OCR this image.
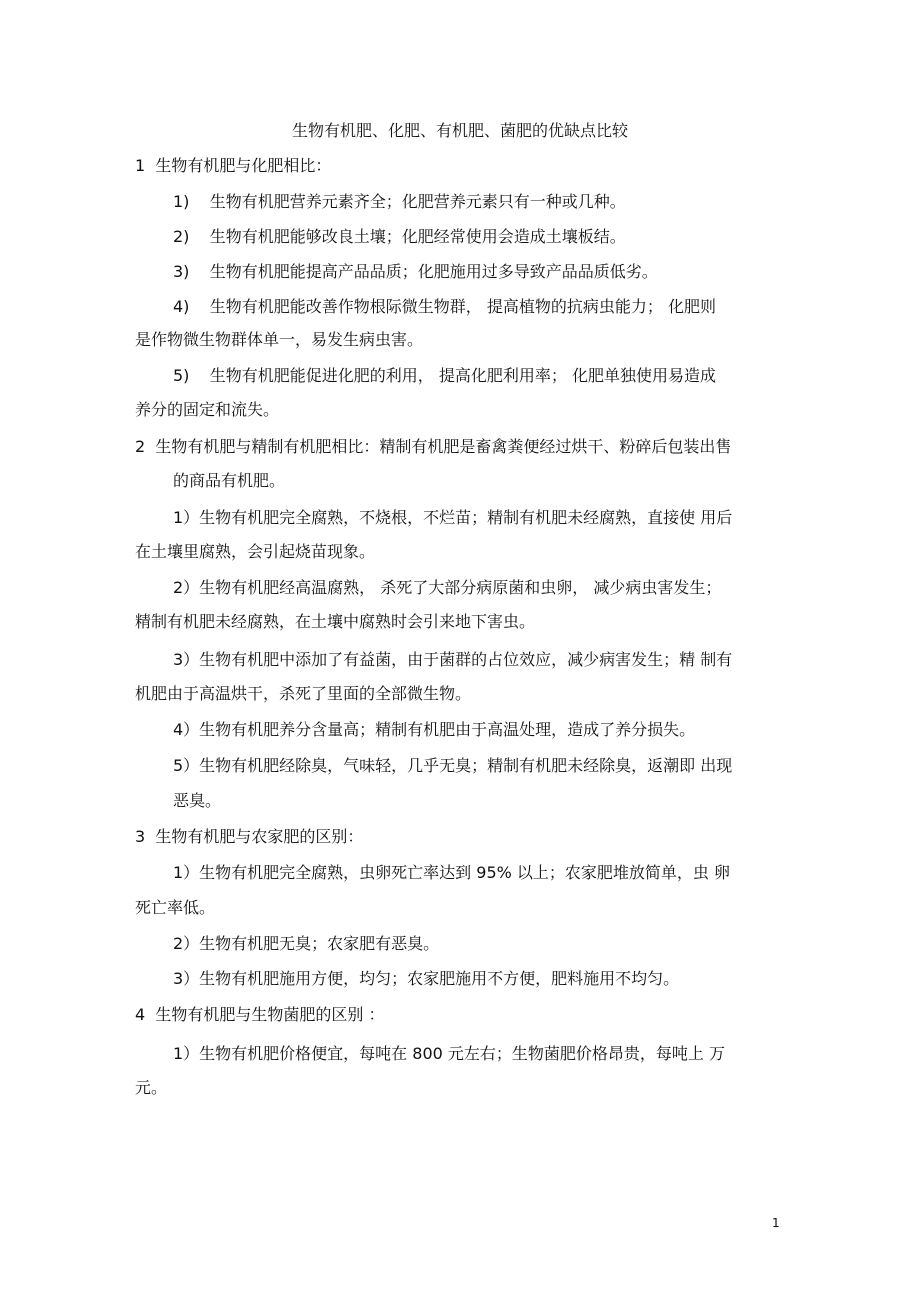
生物有机肥、化肥、有机肥、菌肥的优缺点比较
1 生物有机肥与化肥相比：
1) 生物有机肥营养元素齐全；化肥营养元素只有一种或几种。
2) 生物有机肥能够改良土壤；化肥经常使用会造成土壤板结。
3) 生物有机肥能提高产品品质；化肥施用过多导致产品品质低劣。
4) 生物有机肥能改善作物根际微生物群， 提高植物的抗病虫能力； 化肥则
是作物微生物群体单一，易发生病虫害。
5) 生物有机肥能促进化肥的利用， 提高化肥利用率； 化肥单独使用易造成
养分的固定和流失。
2 生物有机肥与精制有机肥相比：精制有机肥是畜禽粪便经过烘干、粉碎后包装出售
的商品有机肥。
1）生物有机肥完全腐熟，不烧根，不烂苗；精制有机肥未经腐熟，直接使 用后
在土壤里腐熟，会引起烧苗现象。
2）生物有机肥经高温腐熟， 杀死了大部分病原菌和虫卵， 减少病虫害发生；
精制有机肥未经腐熟，在土壤中腐熟时会引来地下害虫。
3）生物有机肥中添加了有益菌，由于菌群的占位效应，减少病害发生；精 制有
机肥由于高温烘干，杀死了里面的全部微生物。
4）生物有机肥养分含量高；精制有机肥由于高温处理，造成了养分损失。
5）生物有机肥经除臭，气味轻，几乎无臭；精制有机肥未经除臭，返潮即 出现
恶臭。
3 生物有机肥与农家肥的区别：
1）生物有机肥完全腐熟，虫卵死亡率达到 95% 以上；农家肥堆放简单，虫 卵
死亡率低。
2）生物有机肥无臭；农家肥有恶臭。
3）生物有机肥施用方便，均匀；农家肥施用不方便，肥料施用不均匀。
4 生物有机肥与生物菌肥的区别 ：
1）生物有机肥价格便宜，每吨在 800 元左右；生物菌肥价格昂贵，每吨上 万
元。
1
